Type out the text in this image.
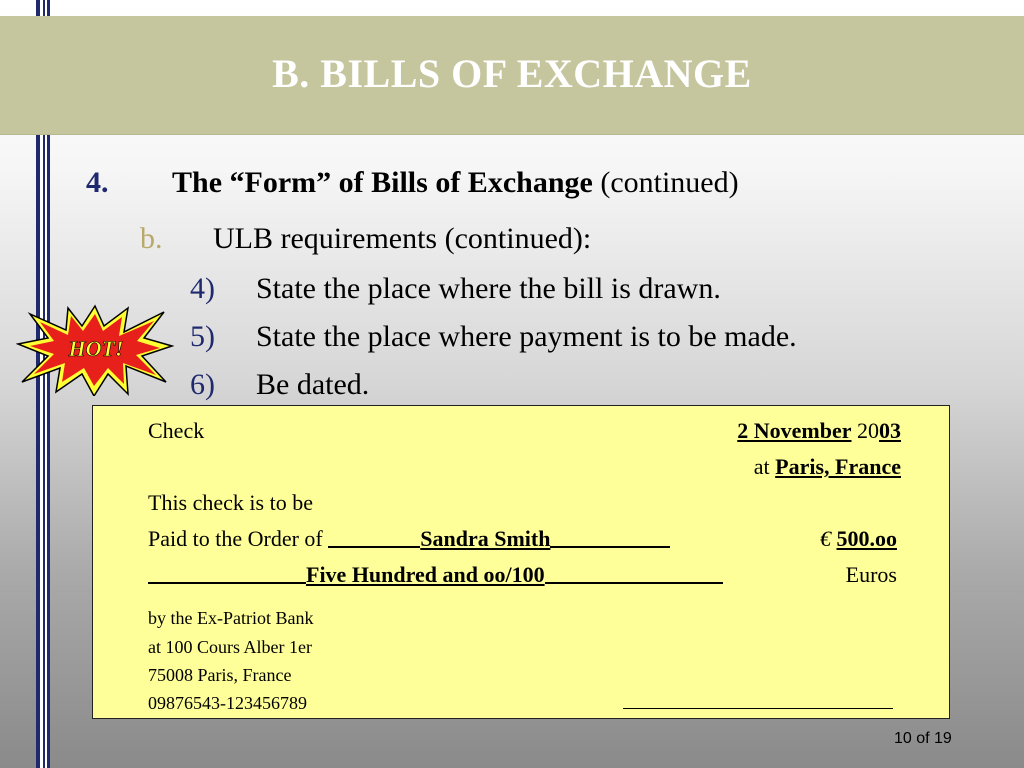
B. BILLS OF EXCHANGE
4. The “Form” of Bills of Exchange (continued)
b. ULB requirements (continued):
4) State the place where the bill is drawn.
5) State the place where payment is to be made.
6) Be dated.
HOT!
Check	2 November 2003
at Paris, France
This check is to be
Paid to the Order of	Sandra Smith	€ 500.oo
Five Hundred and oo/100	Euros
by the Ex-Patriot Bank
at 100 Cours Alber 1er
75008 Paris, France
09876543-123456789
10 of 19
